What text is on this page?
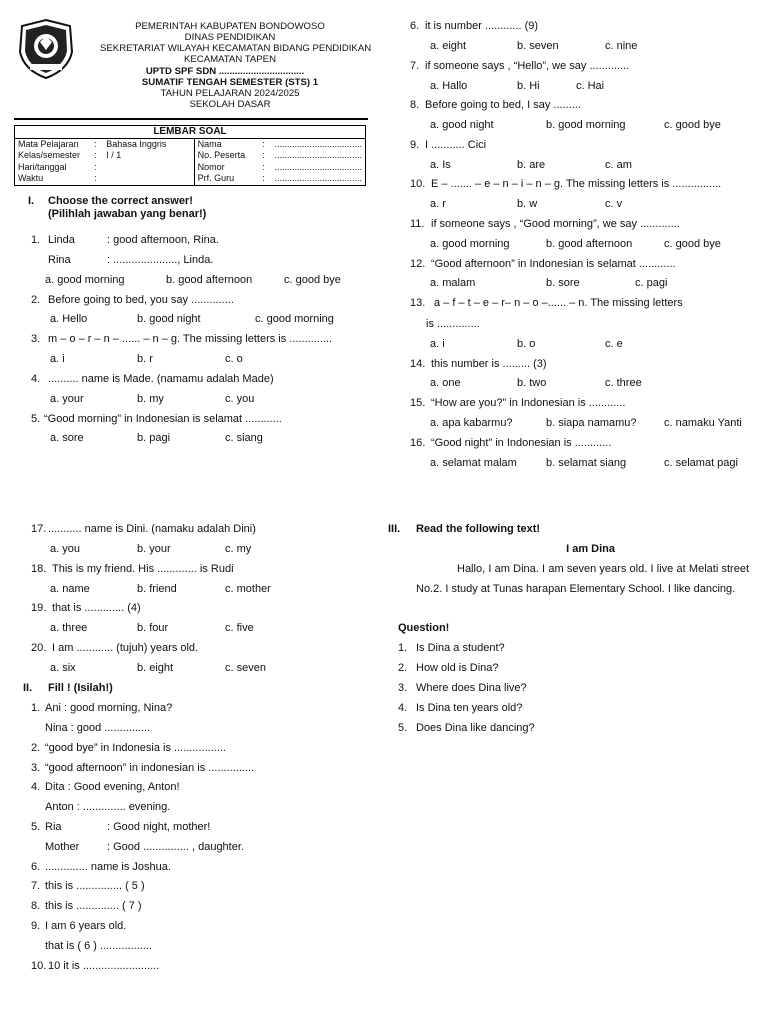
PEMERINTAH KABUPATEN BONDOWOSO
DINAS PENDIDIKAN
SEKRETARIAT WILAYAH KECAMATAN BIDANG PENDIDIKAN
KECAMATAN TAPEN
UPTD SPF SDN ................................
SUMATIF TENGAH SEMESTER (STS) 1
TAHUN PELAJARAN 2024/2025
SEKOLAH DASAR
LEMBAR SOAL					
Mata Pelajaran	:	Bahasa Inggris	Nama	:	...................................
Kelas/semester	:	I / 1	No. Peserta	:	...................................
Hari/tanggal	:		Nomor	:	...................................
Waktu	:		Prf. Guru	:	...................................
I. Choose the correct answer!
(Pilihlah jawaban yang benar!)
1. Linda	: good afternoon, Rina.
Rina	: ....................., Linda.
a. good morning	b. good afternoon	c. good bye
2. Before going to bed, you say ..............
a. Hello	b. good night	c. good morning
3. m – o – r – n – ...... – n – g. The missing letters is ..............
a. i	b. r	c. o
4. .......... name is Made. (namamu adalah Made)
a. your	b. my	c. you
5. “Good morning” in Indonesian is selamat ............
a. sore	b. pagi	c. siang
6. it is number ............ (9)
a. eight	b. seven	c. nine
7. if someone says , “Hello”, we say .............
a. Hallo	b. Hi	c. Hai
8. Before going to bed, I say .........
a. good night	b. good morning	c. good bye
9. I ........... Cici
a. Is	b. are	c. am
10. E – ....... – e – n – i – n – g. The missing letters is ................
a. r	b. w	c. v
11. if someone says , “Good morning”, we say .............
a. good morning	b. good afternoon	c. good bye
12. “Good afternoon” in Indonesian is selamat ............
a. malam	b. sore	c. pagi
13. a – f – t – e – r– n – o –...... – n. The missing letters
is ..............
a. i	b. o	c. e
14. this number is ......... (3)
a. one	b. two	c. three
15. “How are you?” in Indonesian is ............
a. apa kabarmu?	b. siapa namamu?	c. namaku Yanti
16. “Good night” in Indonesian is ............
a. selamat malam	b. selamat siang	c. selamat pagi
17. ........... name is Dini. (namaku adalah Dini)
a. you	b. your	c. my
18. This is my friend. His ............. is Rudi
a. name	b. friend	c. mother
19. that is ............. (4)
a. three	b. four	c. five
20. I am ............ (tujuh) years old.
a. six	b. eight	c. seven
II. Fill ! (Isilah!)
1. Ani : good morning, Nina?
Nina : good ...............
2. “good bye” in Indonesia is .................
3. “good afternoon” in indonesian is ...............
4. Dita : Good evening, Anton!
Anton : .............. evening.
5. Ria	: Good night, mother!
Mother	: Good ............... , daughter.
6. .............. name is Joshua.
7. this is ............... ( 5 )
8. this is .............. ( 7 )
9. I am 6 years old.
that is ( 6 ) .................
10. 10 it is .........................
III. Read the following text!
I am Dina
Hallo, I am Dina. I am seven years old. I live at Melati street No.2. I study at Tunas harapan Elementary School. I like dancing.
Question!
1. Is Dina a student?
2. How old is Dina?
3. Where does Dina live?
4. Is Dina ten years old?
5. Does Dina like dancing?
